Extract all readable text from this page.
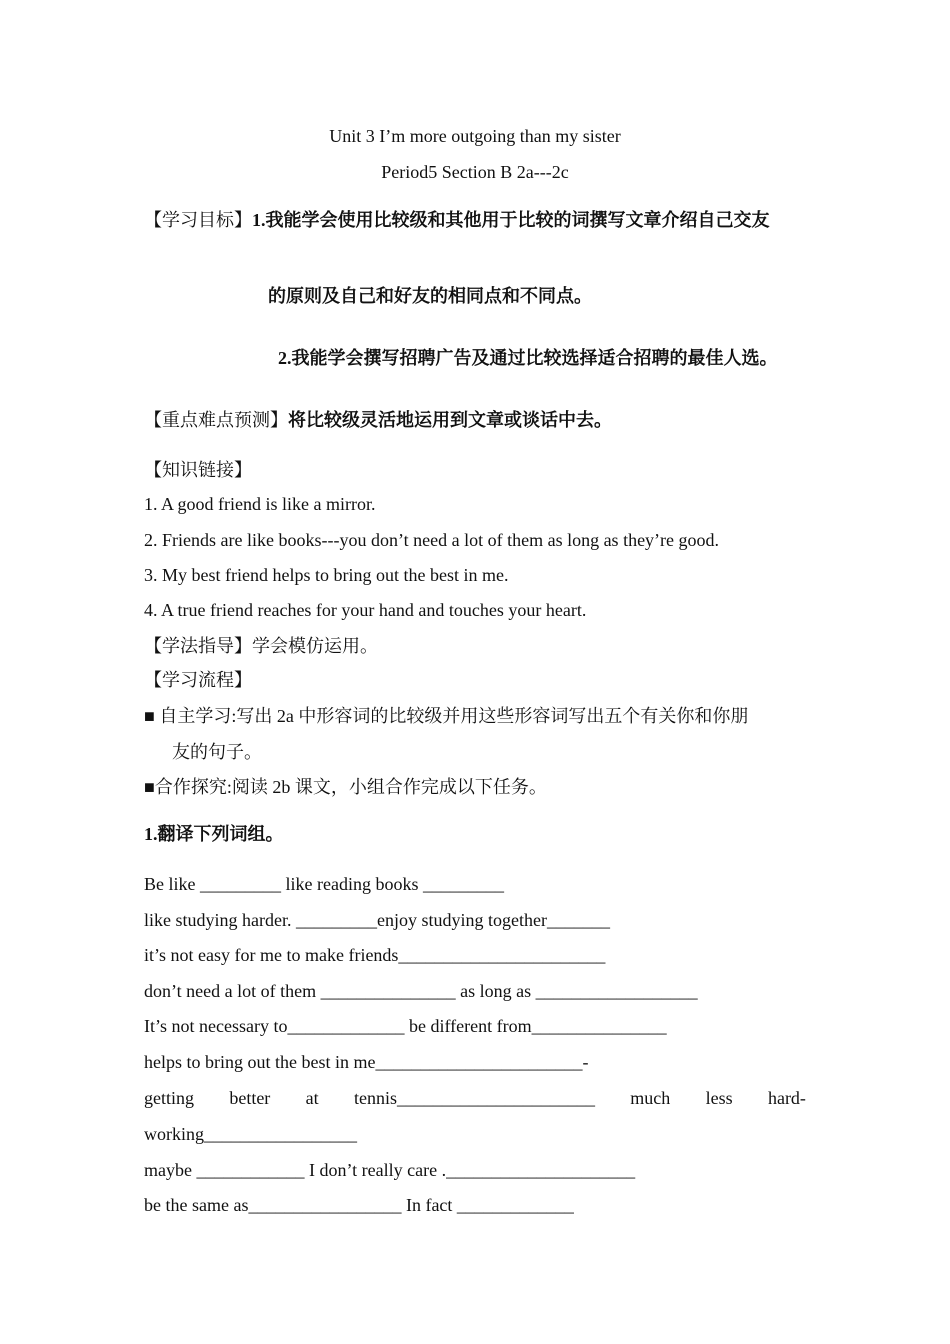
Unit 3 I’m more outgoing than my sister
Period5 Section B 2a---2c
【学习目标】1.我能学会使用比较级和其他用于比较的词撰写文章介绍自己交友
的原则及自己和好友的相同点和不同点。
2.我能学会撰写招聘广告及通过比较选择适合招聘的最佳人选。
【重点难点预测】将比较级灵活地运用到文章或谈话中去。
【知识链接】
1. A good friend is like a mirror.
2. Friends are like books---you don’t need a lot of them as long as they’re good.
3. My best friend helps to bring out the best in me.
4. A true friend reaches for your hand and touches your heart.
【学法指导】学会模仿运用。
【学习流程】
■ 自主学习:写出 2a 中形容词的比较级并用这些形容词写出五个有关你和你朋
友的句子。
■合作探究:阅读 2b 课文，小组合作完成以下任务。
1.翻译下列词组。
Be like _________ like reading books _________
like studying harder. _________enjoy studying together_______
it’s not easy for me to make friends_______________________
don’t need a lot of them _______________ as long as __________________
It’s not necessary to_____________ be different from_______________
helps to bring out the best in me_______________________-
getting better at tennis______________________ much less hard-
working_________________
maybe ____________ I don’t really care ._____________________
be the same as_________________ In fact _____________
